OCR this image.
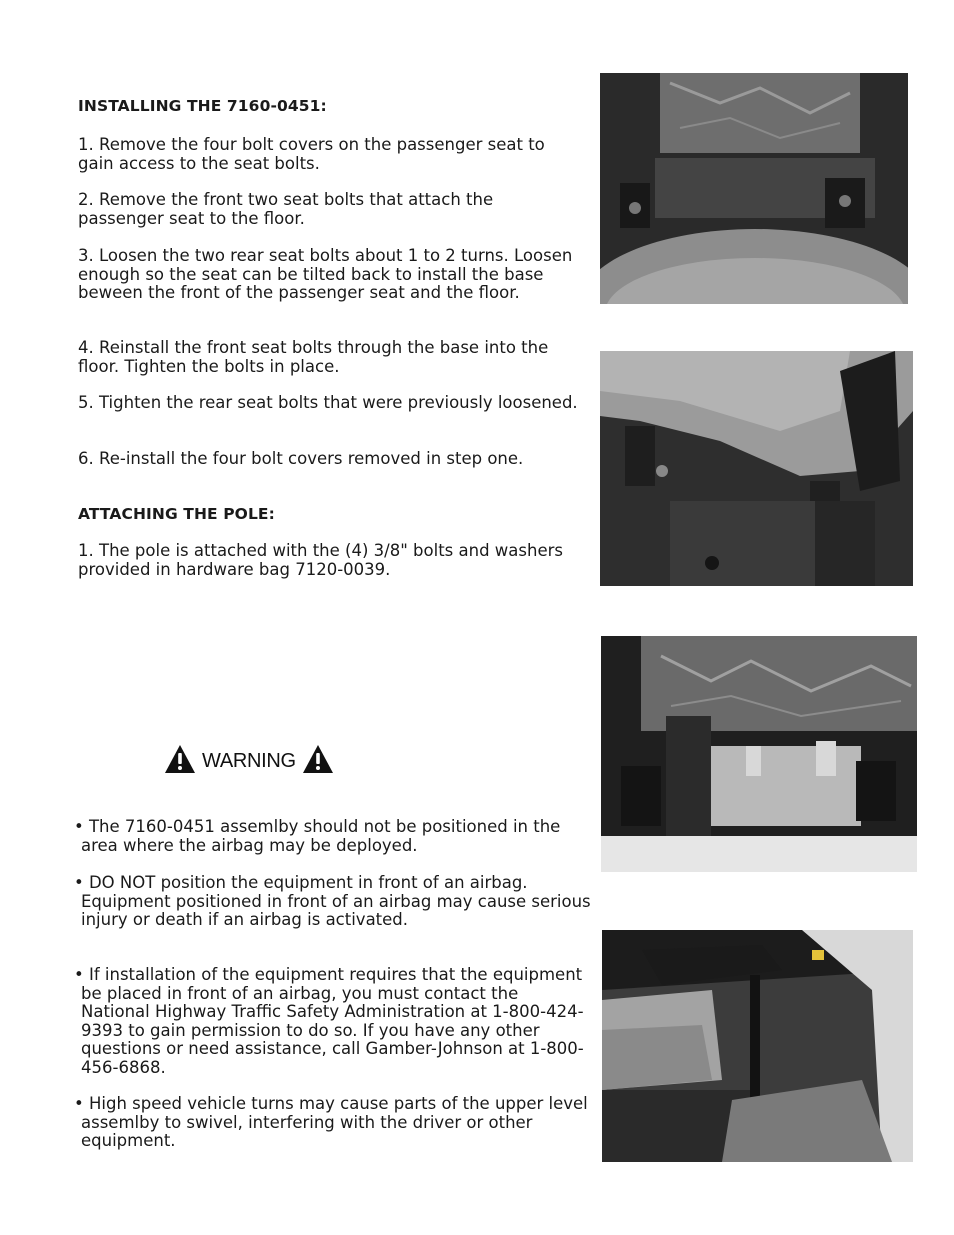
INSTALLING THE 7160-0451:

1. Remove the four bolt covers on the passenger seat to gain access to the seat bolts.

2. Remove the front two seat bolts that attach the passenger seat to the floor.

3. Loosen the two rear seat bolts about 1 to 2 turns. Loosen enough so the seat can be tilted back to install the base beween the front of the passenger seat and the floor.

4. Reinstall the front seat bolts through the base into the floor. Tighten the bolts in place.

5. Tighten the rear seat bolts that were previously loosened.

6. Re-install the four bolt covers removed in step one.

ATTACHING THE POLE:

1. The pole is attached with the (4) 3/8" bolts and washers provided in hardware bag 7120-0039.

WARNING

• The 7160-0451 assemlby should not be positioned in the area where the airbag may be deployed.

• DO NOT position the equipment in front of an airbag. Equipment positioned in front of an airbag may cause serious injury or death if an airbag is activated.

• If installation of the equipment requires that the equipment be placed in front of an airbag, you must contact the National Highway Traffic Safety Administration at 1-800-424-9393 to gain permission to do so. If you have any other questions or need assistance, call Gamber-Johnson at 1-800-456-6868.

• High speed vehicle turns may cause parts of the upper level assemlby to swivel, interfering with the driver or other equipment.
